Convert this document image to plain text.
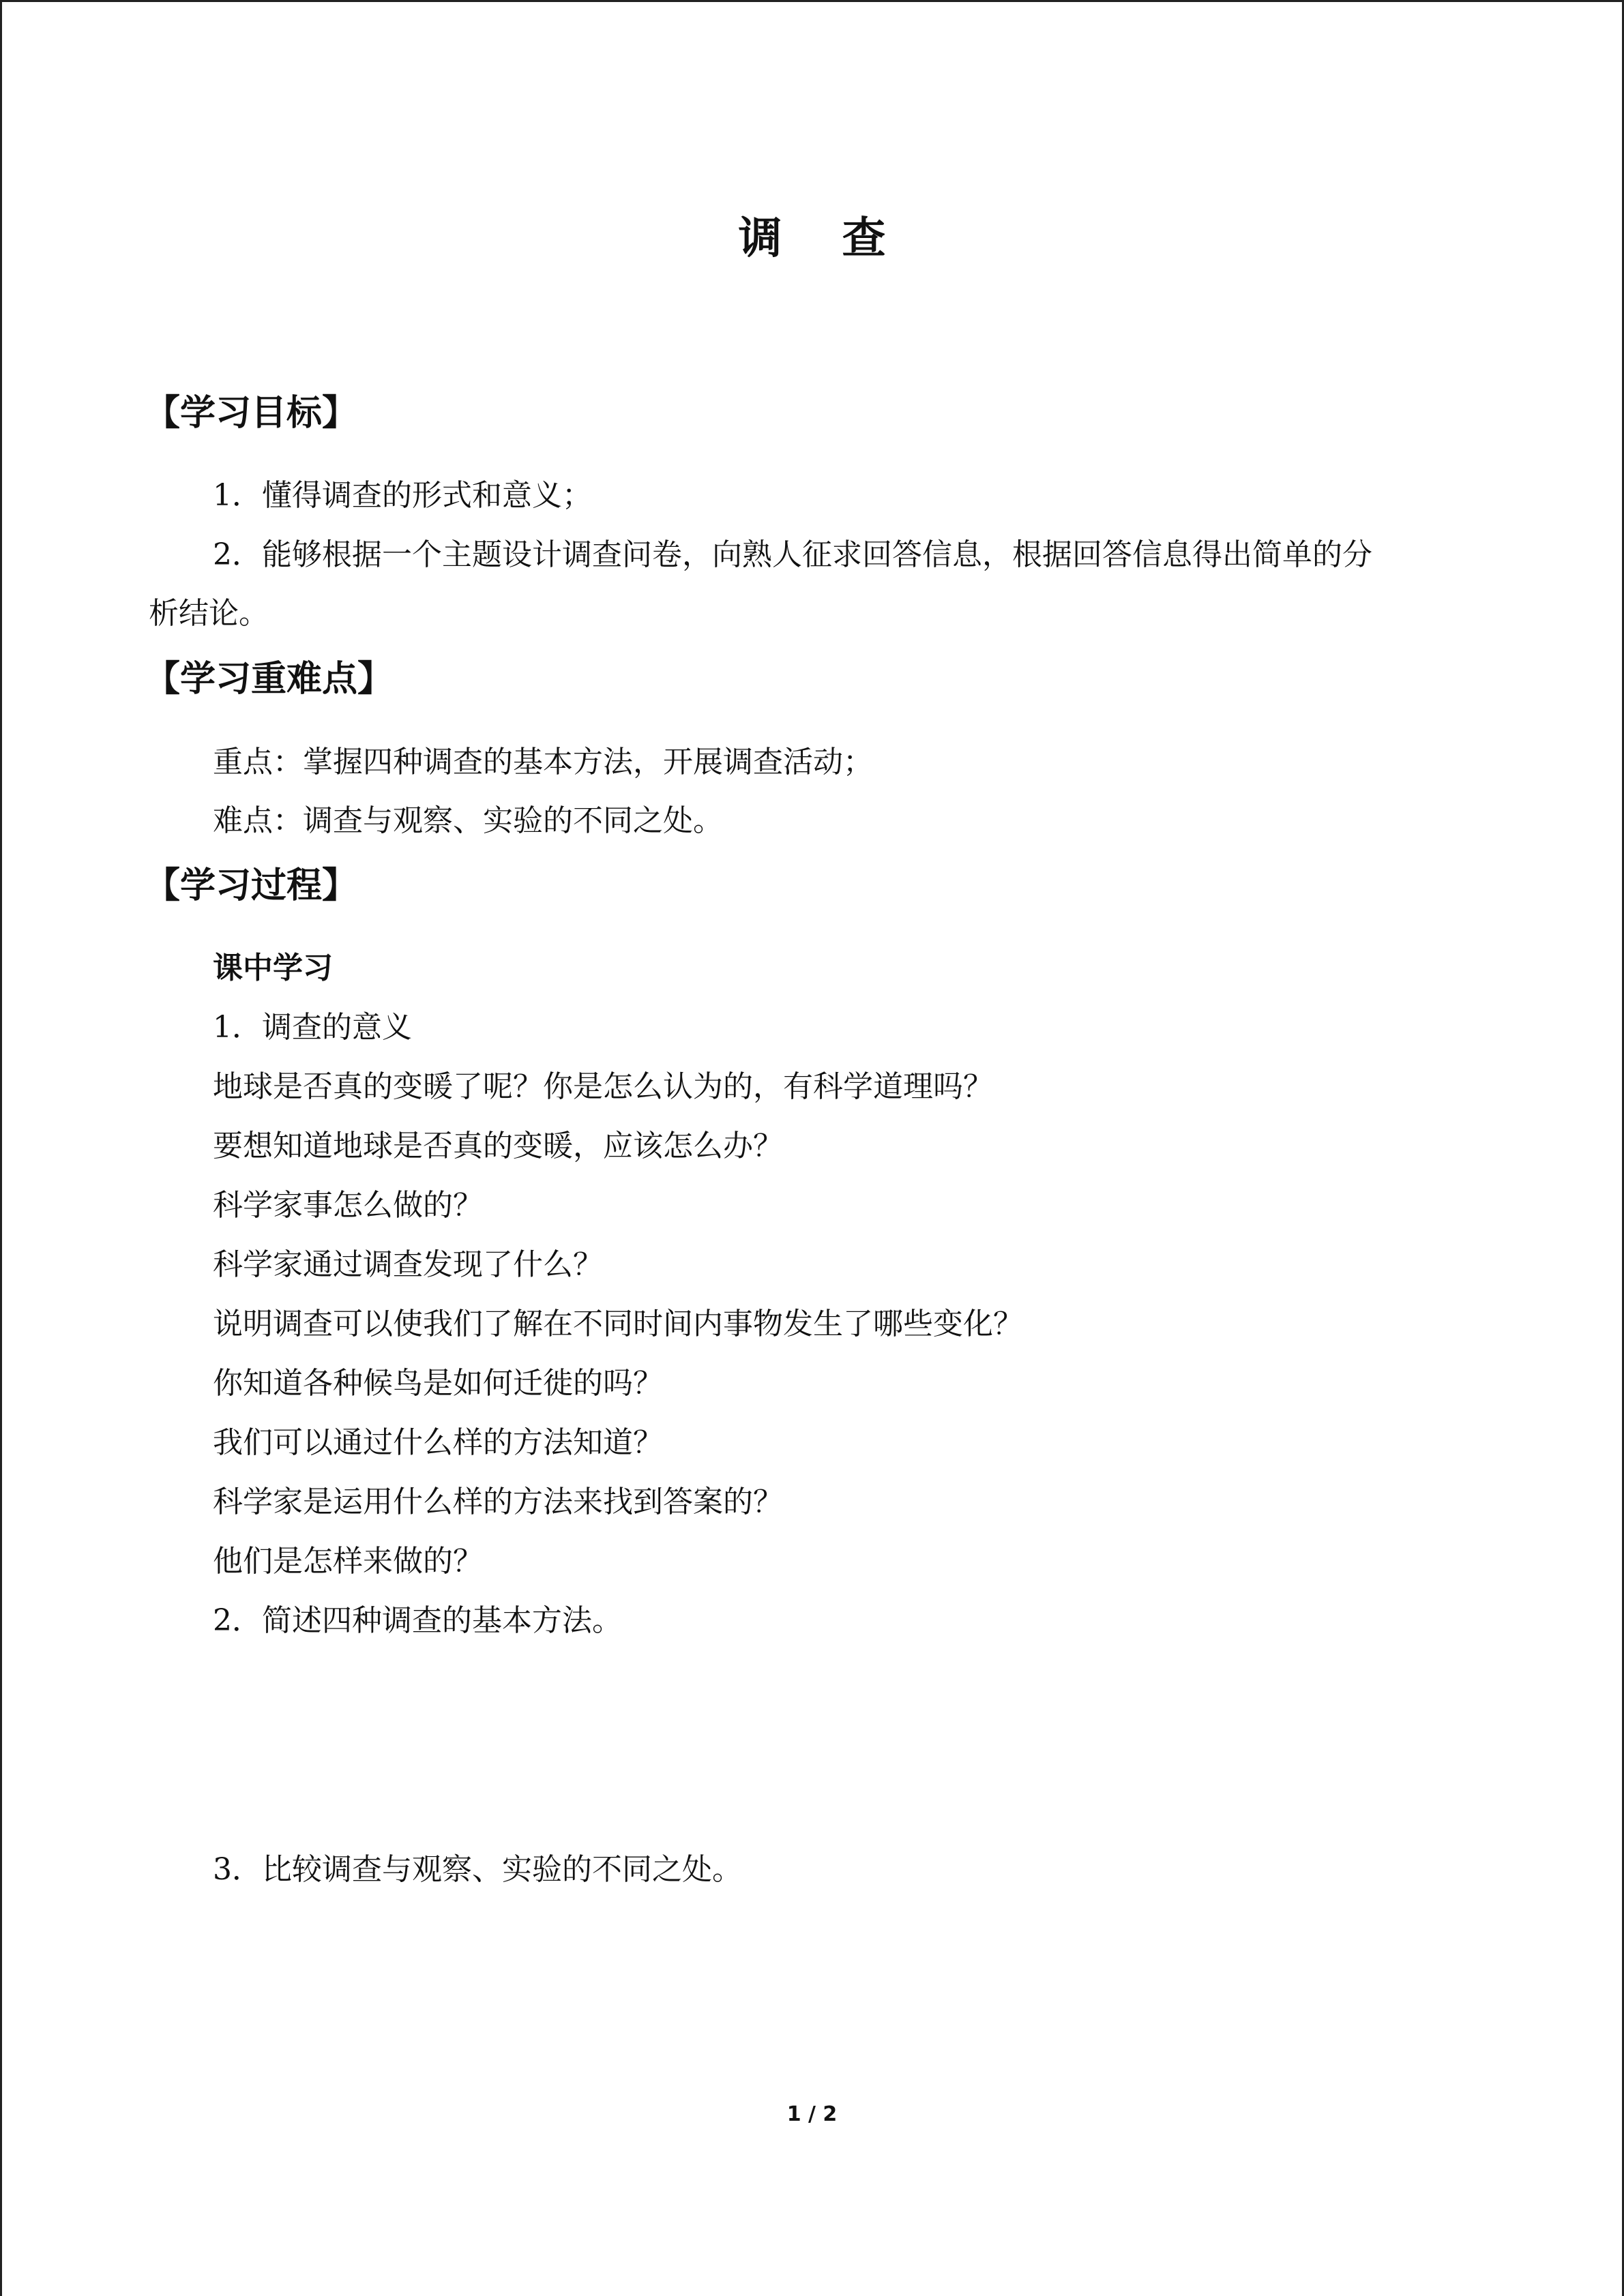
调 查
【学习目标】
1．懂得调查的形式和意义；
2．能够根据一个主题设计调查问卷，向熟人征求回答信息，根据回答信息得出简单的分
析结论。
【学习重难点】
重点：掌握四种调查的基本方法，开展调查活动；
难点：调查与观察、实验的不同之处。
【学习过程】
课中学习
1．调查的意义
地球是否真的变暖了呢？你是怎么认为的，有科学道理吗？
要想知道地球是否真的变暖，应该怎么办？
科学家事怎么做的？
科学家通过调查发现了什么？
说明调查可以使我们了解在不同时间内事物发生了哪些变化？
你知道各种候鸟是如何迁徙的吗？
我们可以通过什么样的方法知道？
科学家是运用什么样的方法来找到答案的？
他们是怎样来做的？
2．简述四种调查的基本方法。
3．比较调查与观察、实验的不同之处。
1 / 2
